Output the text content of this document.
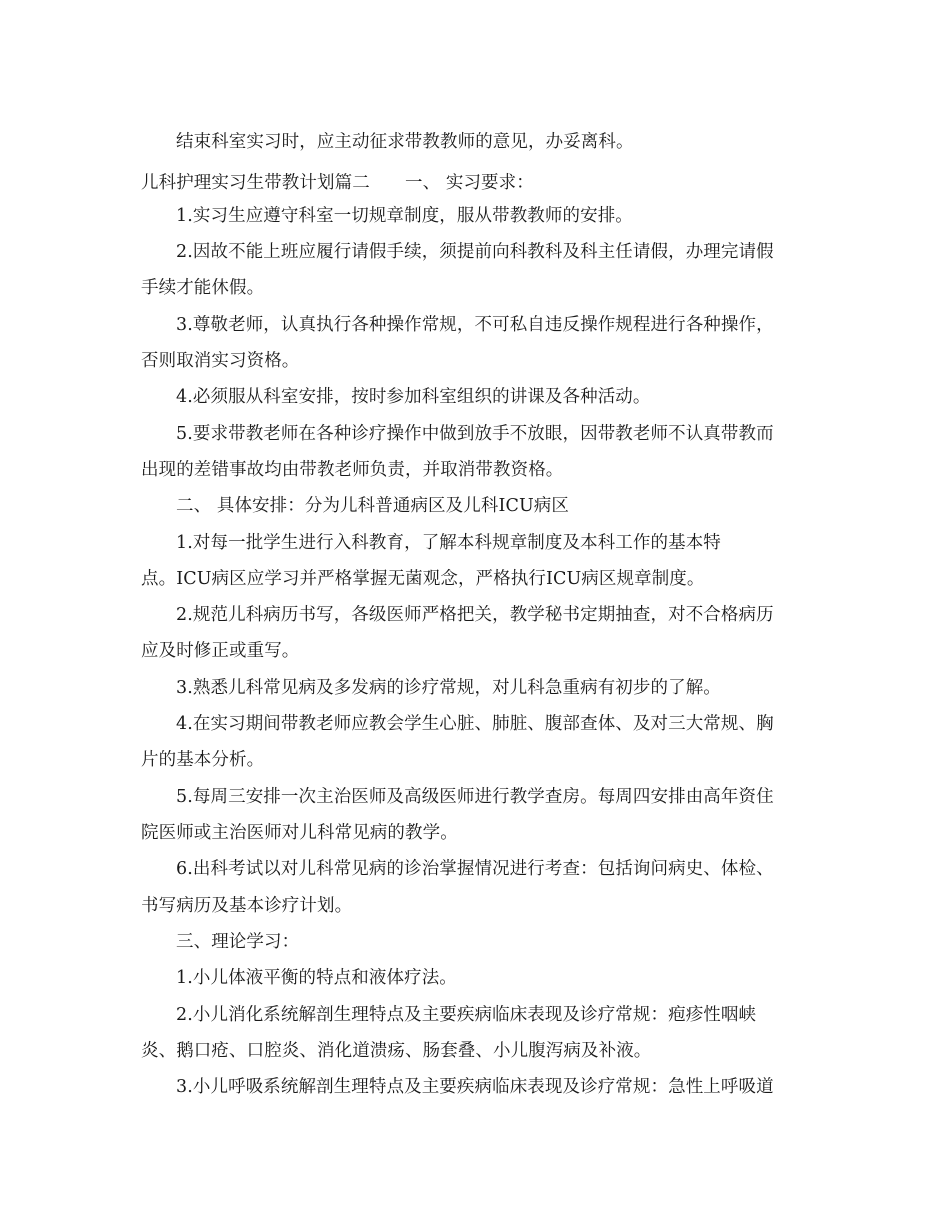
结束科室实习时，应主动征求带教教师的意见，办妥离科。
儿科护理实习生带教计划篇二　　一、 实习要求：
1.实习生应遵守科室一切规章制度，服从带教教师的安排。
2.因故不能上班应履行请假手续，须提前向科教科及科主任请假，办理完请假
手续才能休假。
3.尊敬老师，认真执行各种操作常规，不可私自违反操作规程进行各种操作，
否则取消实习资格。
4.必须服从科室安排，按时参加科室组织的讲课及各种活动。
5.要求带教老师在各种诊疗操作中做到放手不放眼，因带教老师不认真带教而
出现的差错事故均由带教老师负责，并取消带教资格。
二、 具体安排：分为儿科普通病区及儿科ICU病区
1.对每一批学生进行入科教育，了解本科规章制度及本科工作的基本特
点。ICU病区应学习并严格掌握无菌观念，严格执行ICU病区规章制度。
2.规范儿科病历书写，各级医师严格把关，教学秘书定期抽查，对不合格病历
应及时修正或重写。
3.熟悉儿科常见病及多发病的诊疗常规，对儿科急重病有初步的了解。
4.在实习期间带教老师应教会学生心脏、肺脏、腹部查体、及对三大常规、胸
片的基本分析。
5.每周三安排一次主治医师及高级医师进行教学查房。每周四安排由高年资住
院医师或主治医师对儿科常见病的教学。
6.出科考试以对儿科常见病的诊治掌握情况进行考查：包括询问病史、体检、
书写病历及基本诊疗计划。
三、理论学习：
1.小儿体液平衡的特点和液体疗法。
2.小儿消化系统解剖生理特点及主要疾病临床表现及诊疗常规：疱疹性咽峡
炎、鹅口疮、口腔炎、消化道溃疡、肠套叠、小儿腹泻病及补液。
3.小儿呼吸系统解剖生理特点及主要疾病临床表现及诊疗常规：急性上呼吸道
